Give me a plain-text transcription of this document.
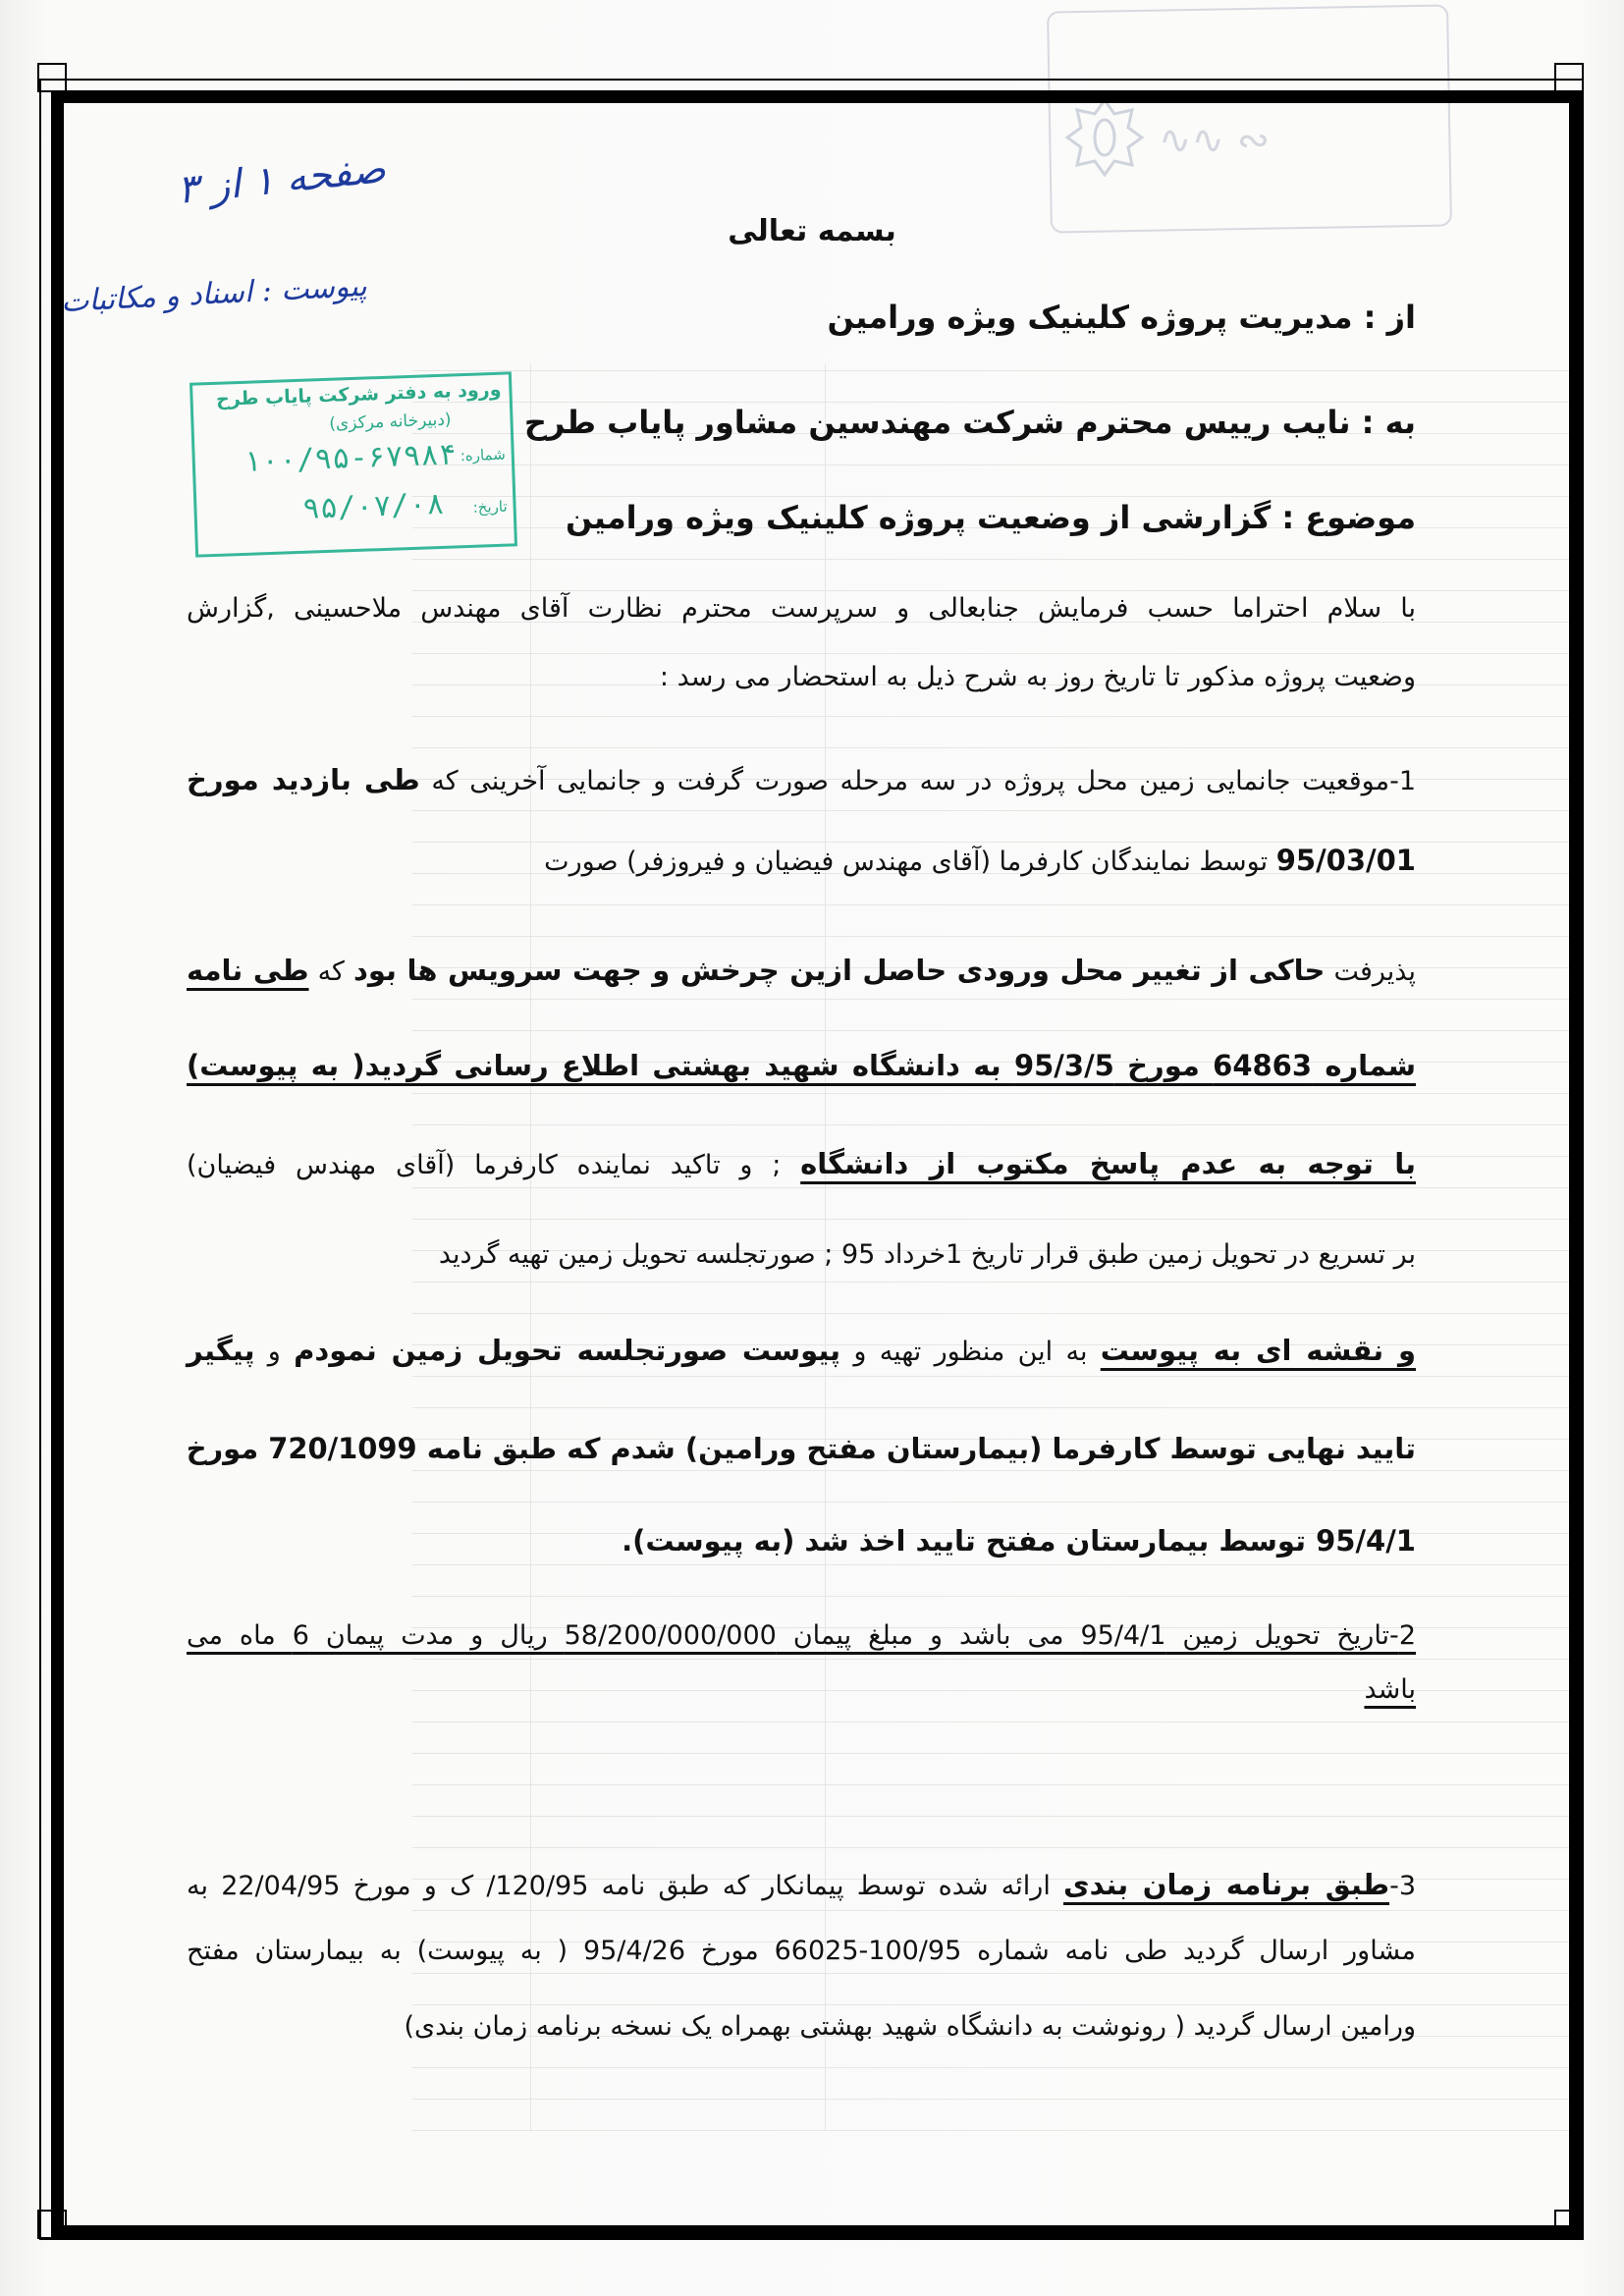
∿∿ ∾
صفحه ۱ از ۳
پیوست : اسناد و مکاتبات
ورود به دفتر شرکت پایاب طرح
(دبیرخانه مرکزی)
شماره:
تاریخ:
۱۰۰/۹۵-۶۷۹۸۴
۹۵/۰۷/۰۸
بسمه تعالی
از : مدیریت پروژه کلینیک ویژه ورامین
به : نایب رییس محترم شرکت مهندسین مشاور پایاب طرح
موضوع : گزارشی از وضعیت پروژه کلینیک ویژه ورامین
با سلام احتراما حسب فرمایش جنابعالی و سرپرست محترم نظارت آقای مهندس ملاحسینی ,گزارش
وضعیت پروژه مذکور تا تاریخ روز به شرح ذیل به استحضار می رسد :
1-موقعیت جانمایی زمین محل پروژه در سه مرحله صورت گرفت و جانمایی آخرینی که طی بازدید مورخ
95/03/01 توسط نمایندگان کارفرما (آقای مهندس فیضیان و فیروزفر) صورت
پذیرفت حاکی از تغییر محل ورودی حاصل ازین چرخش و جهت سرویس ها بود که طی نامه
شماره 64863 مورخ 95/3/5 به دانشگاه شهید بهشتی اطلاع رسانی گردید( به پیوست)
با توجه به عدم پاسخ مکتوب از دانشگاه ; و تاکید نماینده کارفرما (آقای مهندس فیضیان)
بر تسریع در تحویل زمین طبق قرار تاریخ 1خرداد 95 ; صورتجلسه تحویل زمین تهیه گردید
و نقشه ای به پیوست به این منظور تهیه و پیوست صورتجلسه تحویل زمین نمودم و پیگیر
تایید نهایی توسط کارفرما (بیمارستان مفتح ورامین) شدم که طبق نامه 720/1099 مورخ
95/4/1 توسط بیمارستان مفتح تایید اخذ شد (به پیوست).
2-تاریخ تحویل زمین 95/4/1 می باشد و مبلغ پیمان 58/200/000/000 ریال و مدت پیمان 6 ماه می
باشد
3-طبق برنامه زمان بندی ارائه شده توسط پیمانکار که طبق نامه 120/95/ ک و مورخ 22/04/95 به
مشاور ارسال گردید طی نامه شماره 100/95-66025 مورخ 95/4/26 ( به پیوست) به بیمارستان مفتح
ورامین ارسال گردید ( رونوشت به دانشگاه شهید بهشتی بهمراه یک نسخه برنامه زمان بندی)
